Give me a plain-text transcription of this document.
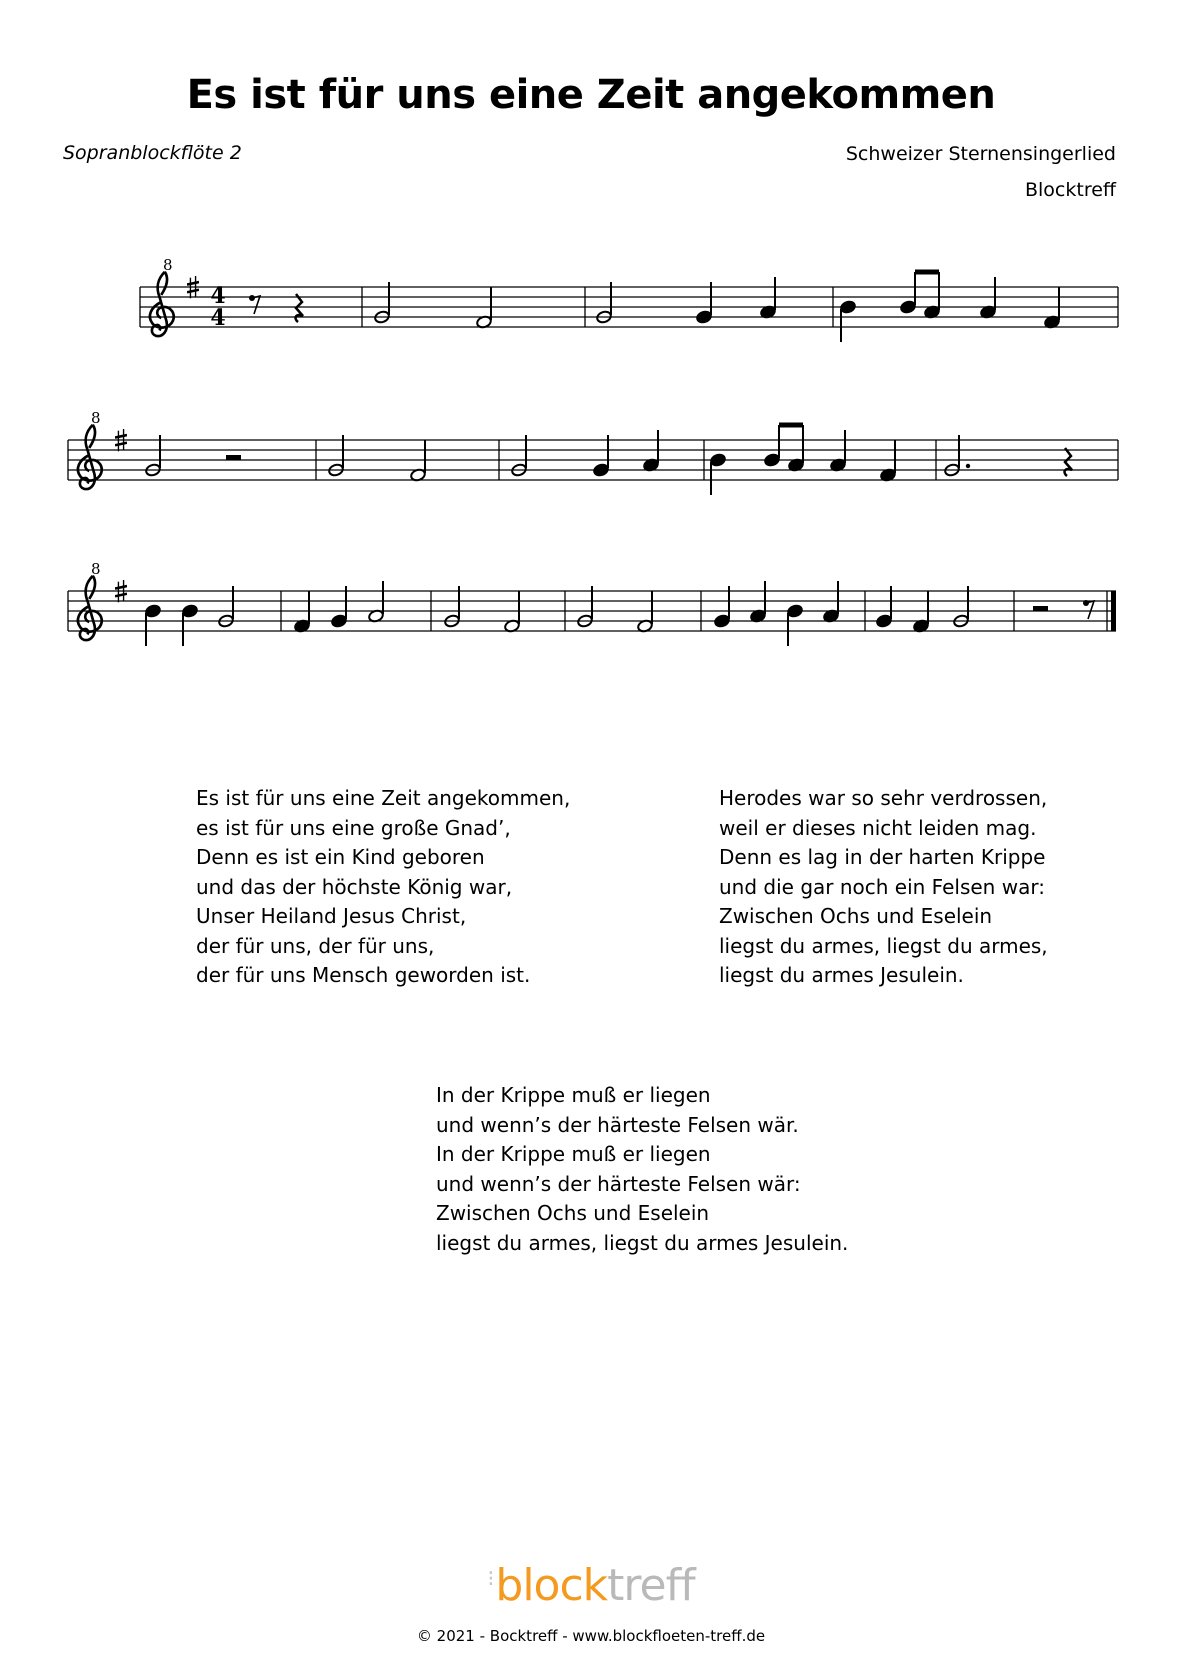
Es ist für uns eine Zeit angekommen
Sopranblockflöte 2	Schweizer Sternensingerlied
Blocktreff
8
4
4
8
8
Es ist für uns eine Zeit angekommen,
es ist für uns eine große Gnad’,
Denn es ist ein Kind geboren
und das der höchste König war,
Unser Heiland Jesus Christ,
der für uns, der für uns,
der für uns Mensch geworden ist.
Herodes war so sehr verdrossen,
weil er dieses nicht leiden mag.
Denn es lag in der harten Krippe
und die gar noch ein Felsen war:
Zwischen Ochs und Eselein
liegst du armes, liegst du armes,
liegst du armes Jesulein.
In der Krippe muß er liegen
und wenn’s der härteste Felsen wär.
In der Krippe muß er liegen
und wenn’s der härteste Felsen wär:
Zwischen Ochs und Eselein
liegst du armes, liegst du armes Jesulein.
⁝blocktreff
© 2021 - Bocktreff - www.blockfloeten-treff.de
